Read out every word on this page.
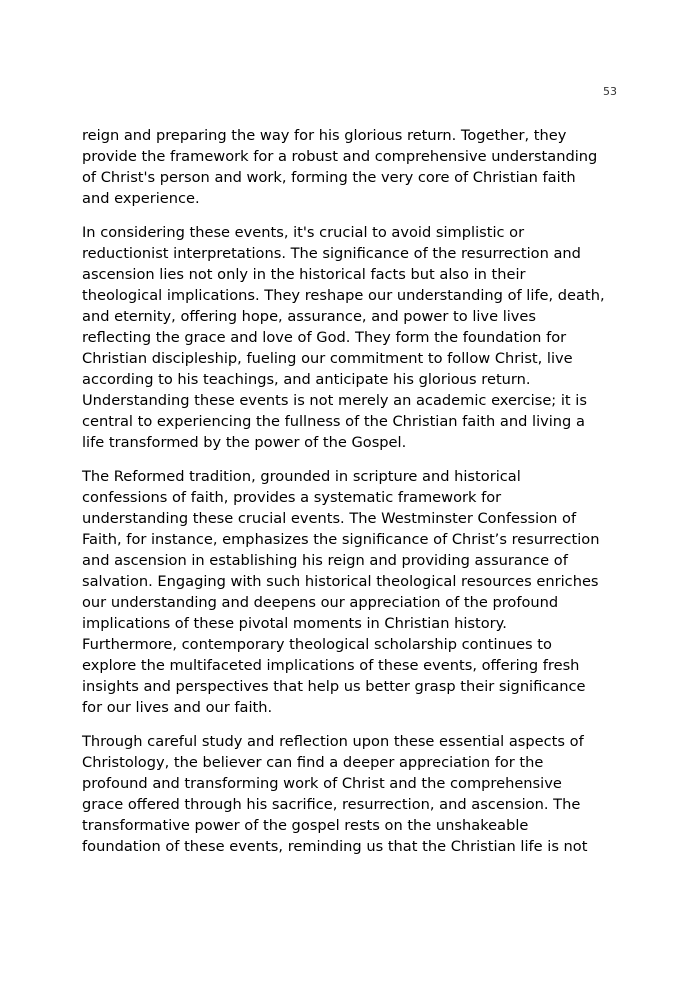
53

reign and preparing the way for his glorious return. Together, they
provide the framework for a robust and comprehensive understanding
of Christ's person and work, forming the very core of Christian faith
and experience.

In considering these events, it's crucial to avoid simplistic or
reductionist interpretations. The significance of the resurrection and
ascension lies not only in the historical facts but also in their
theological implications. They reshape our understanding of life, death,
and eternity, offering hope, assurance, and power to live lives
reflecting the grace and love of God. They form the foundation for
Christian discipleship, fueling our commitment to follow Christ, live
according to his teachings, and anticipate his glorious return.
Understanding these events is not merely an academic exercise; it is
central to experiencing the fullness of the Christian faith and living a
life transformed by the power of the Gospel.

The Reformed tradition, grounded in scripture and historical
confessions of faith, provides a systematic framework for
understanding these crucial events. The Westminster Confession of
Faith, for instance, emphasizes the significance of Christ’s resurrection
and ascension in establishing his reign and providing assurance of
salvation. Engaging with such historical theological resources enriches
our understanding and deepens our appreciation of the profound
implications of these pivotal moments in Christian history.
Furthermore, contemporary theological scholarship continues to
explore the multifaceted implications of these events, offering fresh
insights and perspectives that help us better grasp their significance
for our lives and our faith.

Through careful study and reflection upon these essential aspects of
Christology, the believer can find a deeper appreciation for the
profound and transforming work of Christ and the comprehensive
grace offered through his sacrifice, resurrection, and ascension. The
transformative power of the gospel rests on the unshakeable
foundation of these events, reminding us that the Christian life is not
